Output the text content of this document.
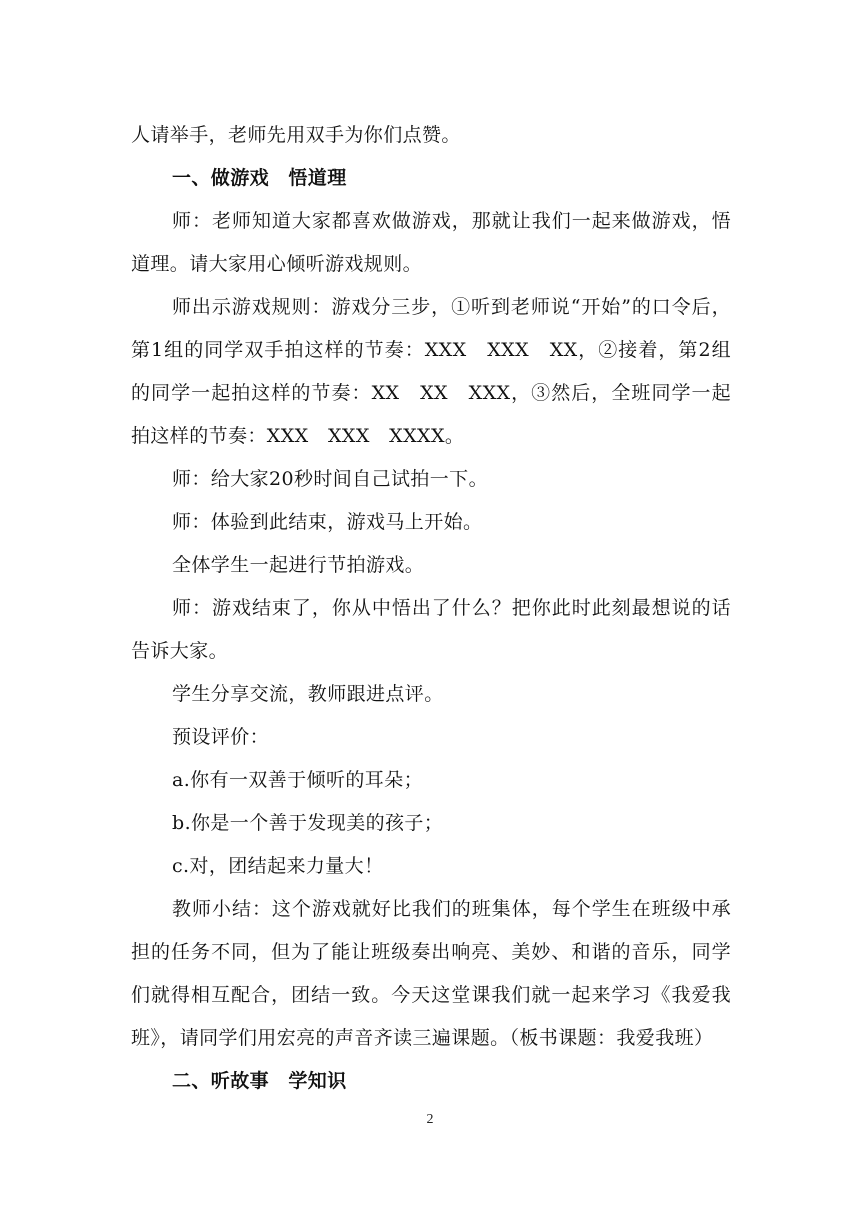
人请举手，老师先用双手为你们点赞。

一、做游戏　悟道理

师：老师知道大家都喜欢做游戏，那就让我们一起来做游戏，悟道理。请大家用心倾听游戏规则。

师出示游戏规则：游戏分三步，①听到老师说“开始”的口令后，第1组的同学双手拍这样的节奏：XXX　XXX　XX，②接着，第2组的同学一起拍这样的节奏：XX　XX　XXX，③然后，全班同学一起拍这样的节奏：XXX　XXX　XXXX。

师：给大家20秒时间自己试拍一下。

师：体验到此结束，游戏马上开始。

全体学生一起进行节拍游戏。

师：游戏结束了，你从中悟出了什么？把你此时此刻最想说的话告诉大家。

学生分享交流，教师跟进点评。

预设评价：

a.你有一双善于倾听的耳朵；

b.你是一个善于发现美的孩子；

c.对，团结起来力量大！

教师小结：这个游戏就好比我们的班集体，每个学生在班级中承担的任务不同，但为了能让班级奏出响亮、美妙、和谐的音乐，同学们就得相互配合，团结一致。今天这堂课我们就一起来学习《我爱我班》，请同学们用宏亮的声音齐读三遍课题。（板书课题：我爱我班）

二、听故事　学知识

2
